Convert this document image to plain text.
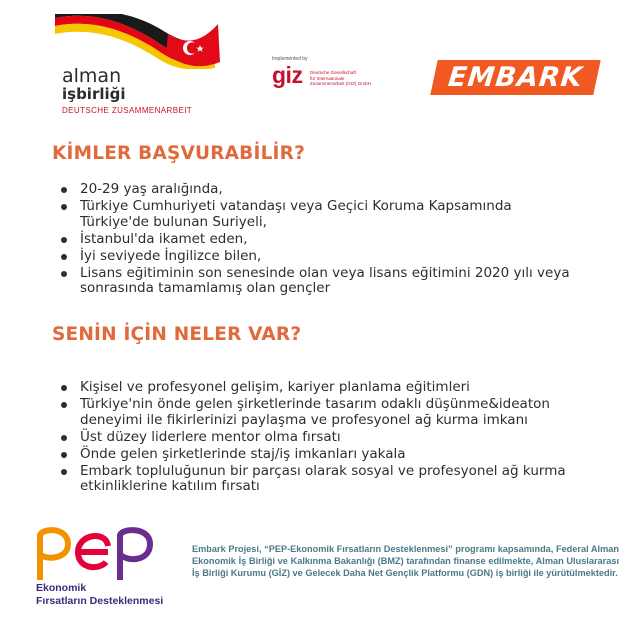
alman
işbirliği
DEUTSCHE ZUSAMMENARBEIT
Implemented by
giz Deutsche Gesellschaft
für Internationale
Zusammenarbeit (GIZ) GmbH	EMBARK
KİMLER BAŞVURABİLİR?
20-29 yaş aralığında,
Türkiye Cumhuriyeti vatandaşı veya Geçici Koruma Kapsamında Türkiye'de bulunan Suriyeli,
İstanbul'da ikamet eden,
İyi seviyede İngilizce bilen,
Lisans eğitiminin son senesinde olan veya lisans eğitimini 2020 yılı veya sonrasında tamamlamış olan gençler
SENİN İÇİN NELER VAR?
Kişisel ve profesyonel gelişim, kariyer planlama eğitimleri
Türkiye'nin önde gelen şirketlerinde tasarım odaklı düşünme&ideaton deneyimi ile fikirlerinizi paylaşma ve profesyonel ağ kurma imkanı
Üst düzey liderlere mentor olma fırsatı
Önde gelen şirketlerinde staj/iş imkanları yakala
Embark topluluğunun bir parçası olarak sosyal ve profesyonel ağ kurma etkinliklerine katılım fırsatı
Ekonomik
Fırsatların Desteklenmesi
Embark Projesi, “PEP-Ekonomik Fırsatların Desteklenmesi” programı kapsamında, Federal Alman Ekonomik İş Birliği ve Kalkınma Bakanlığı (BMZ) tarafından finanse edilmekte, Alman Uluslararası İş Birliği Kurumu (GİZ) ve Gelecek Daha Net Gençlik Platformu (GDN) iş birliği ile yürütülmektedir.
